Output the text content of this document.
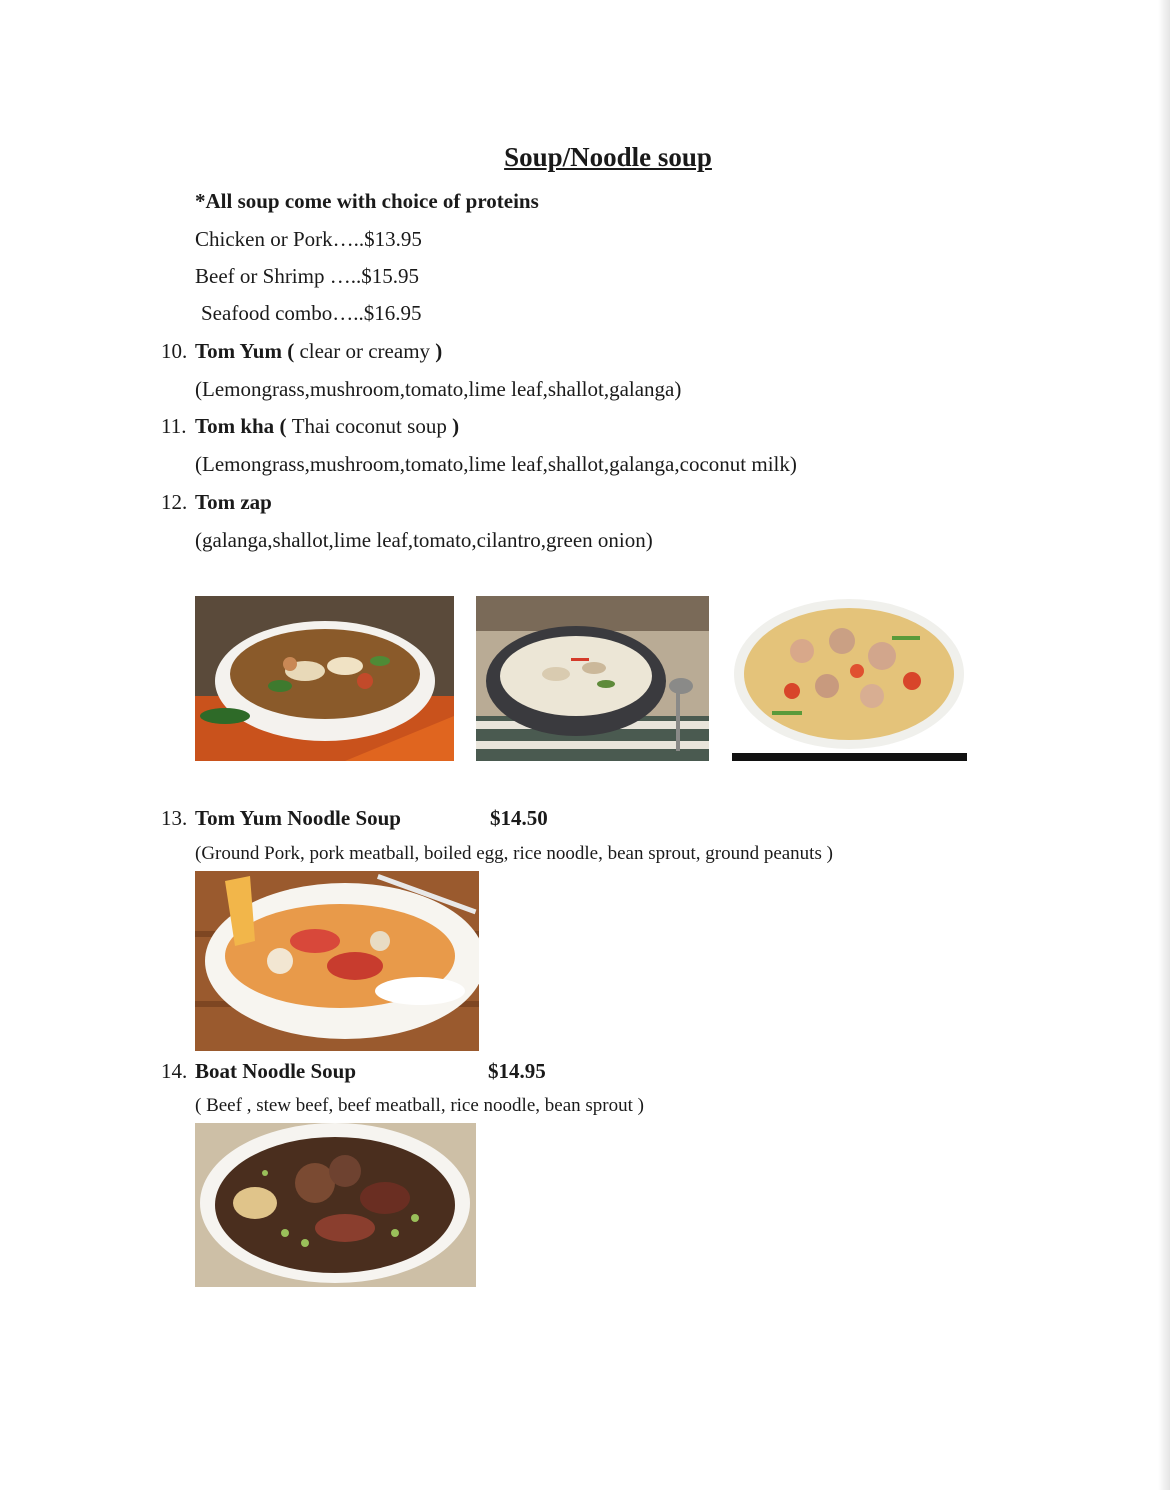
Soup/Noodle soup
*All soup come with choice of proteins
Chicken or Pork…..$13.95
Beef or Shrimp …..$15.95
Seafood combo…..$16.95
10. Tom Yum ( clear or creamy )
(Lemongrass,mushroom,tomato,lime leaf,shallot,galanga)
11. Tom kha ( Thai coconut soup )
(Lemongrass,mushroom,tomato,lime leaf,shallot,galanga,coconut milk)
12. Tom zap
(galanga,shallot,lime leaf,tomato,cilantro,green onion)
13. Tom Yum Noodle Soup	$14.50
(Ground Pork, pork meatball, boiled egg, rice noodle, bean sprout, ground peanuts )
14. Boat Noodle Soup	$14.95
( Beef , stew beef, beef meatball, rice noodle, bean sprout )
